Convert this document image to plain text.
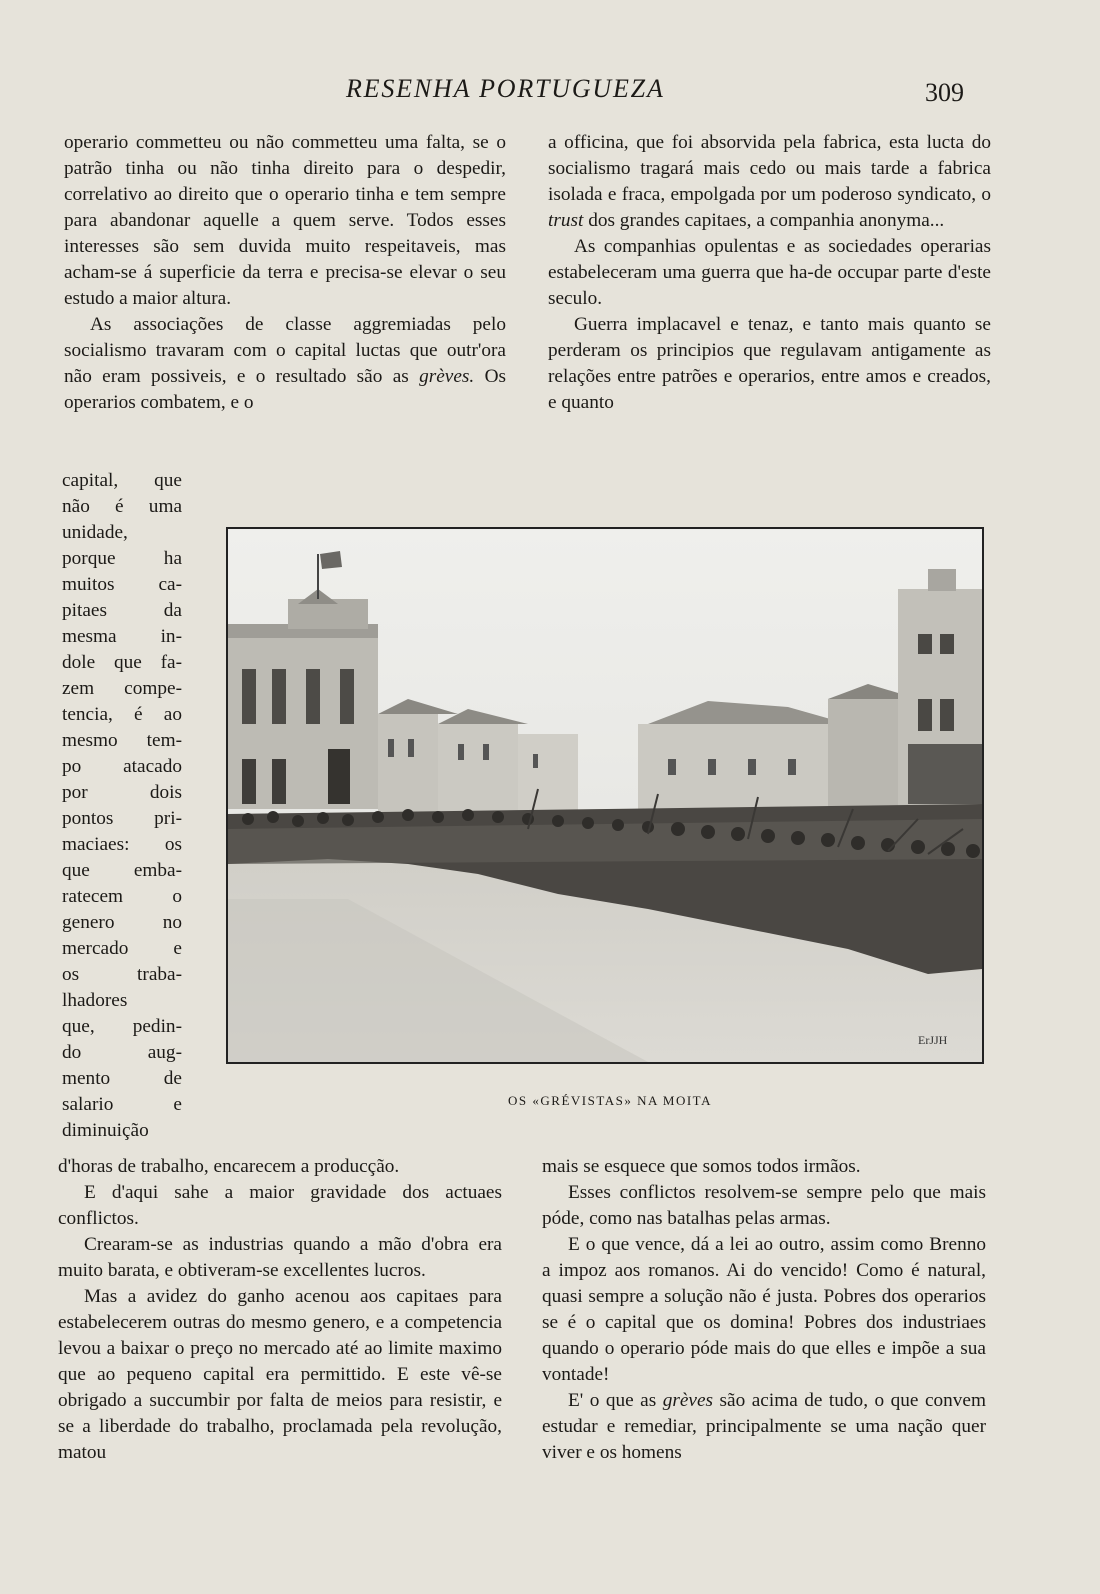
RESENHA PORTUGUEZA	309

operario commetteu ou não commetteu uma falta, se o patrão tinha ou não tinha direito para o despedir, correlativo ao direito que o operario tinha e tem sempre para abandonar aquelle a quem serve. Todos esses interesses são sem duvida muito respeitaveis, mas acham-se á superficie da terra e precisa-se elevar o seu estudo a maior altura.

As associações de classe aggremiadas pelo socialismo travaram com o capital luctas que outr'ora não eram possiveis, e o resultado são as grèves. Os operarios combatem, e o

a officina, que foi absorvida pela fabrica, esta lucta do socialismo tragará mais cedo ou mais tarde a fabrica isolada e fraca, empolgada por um poderoso syndicato, o trust dos grandes capitaes, a companhia anonyma...

As companhias opulentas e as sociedades operarias estabeleceram uma guerra que ha-de occupar parte d'este seculo.

Guerra implacavel e tenaz, e tanto mais quanto se perderam os principios que regulavam antigamente as relações entre patrões e operarios, entre amos e creados, e quanto

capital, que

não é uma

unidade,

porque ha

muitos ca-

pitaes da

mesma in-

dole que fa-

zem compe-

tencia, é ao

mesmo tem-

po atacado

por dois

pontos pri-

maciaes: os

que emba-

ratecem o

genero no

mercado e

os traba-

lhadores

que, pedin-

do aug-

mento de

salario e

diminuição

ErJJH
OS «GRÉVISTAS» NA MOITA

d'horas de trabalho, encarecem a producção.

E d'aqui sahe a maior gravidade dos actuaes conflictos.

Crearam-se as industrias quando a mão d'obra era muito barata, e obtiveram-se excellentes lucros.

Mas a avidez do ganho acenou aos capitaes para estabelecerem outras do mesmo genero, e a competencia levou a baixar o preço no mercado até ao limite maximo que ao pequeno capital era permittido. E este vê-se obrigado a succumbir por falta de meios para resistir, e se a liberdade do trabalho, proclamada pela revolução, matou

mais se esquece que somos todos irmãos.

Esses conflictos resolvem-se sempre pelo que mais póde, como nas batalhas pelas armas.

E o que vence, dá a lei ao outro, assim como Brenno a impoz aos romanos. Ai do vencido! Como é natural, quasi sempre a solução não é justa. Pobres dos operarios se é o capital que os domina! Pobres dos industriaes quando o operario póde mais do que elles e impõe a sua vontade!

E' o que as grèves são acima de tudo, o que convem estudar e remediar, principalmente se uma nação quer viver e os homens
